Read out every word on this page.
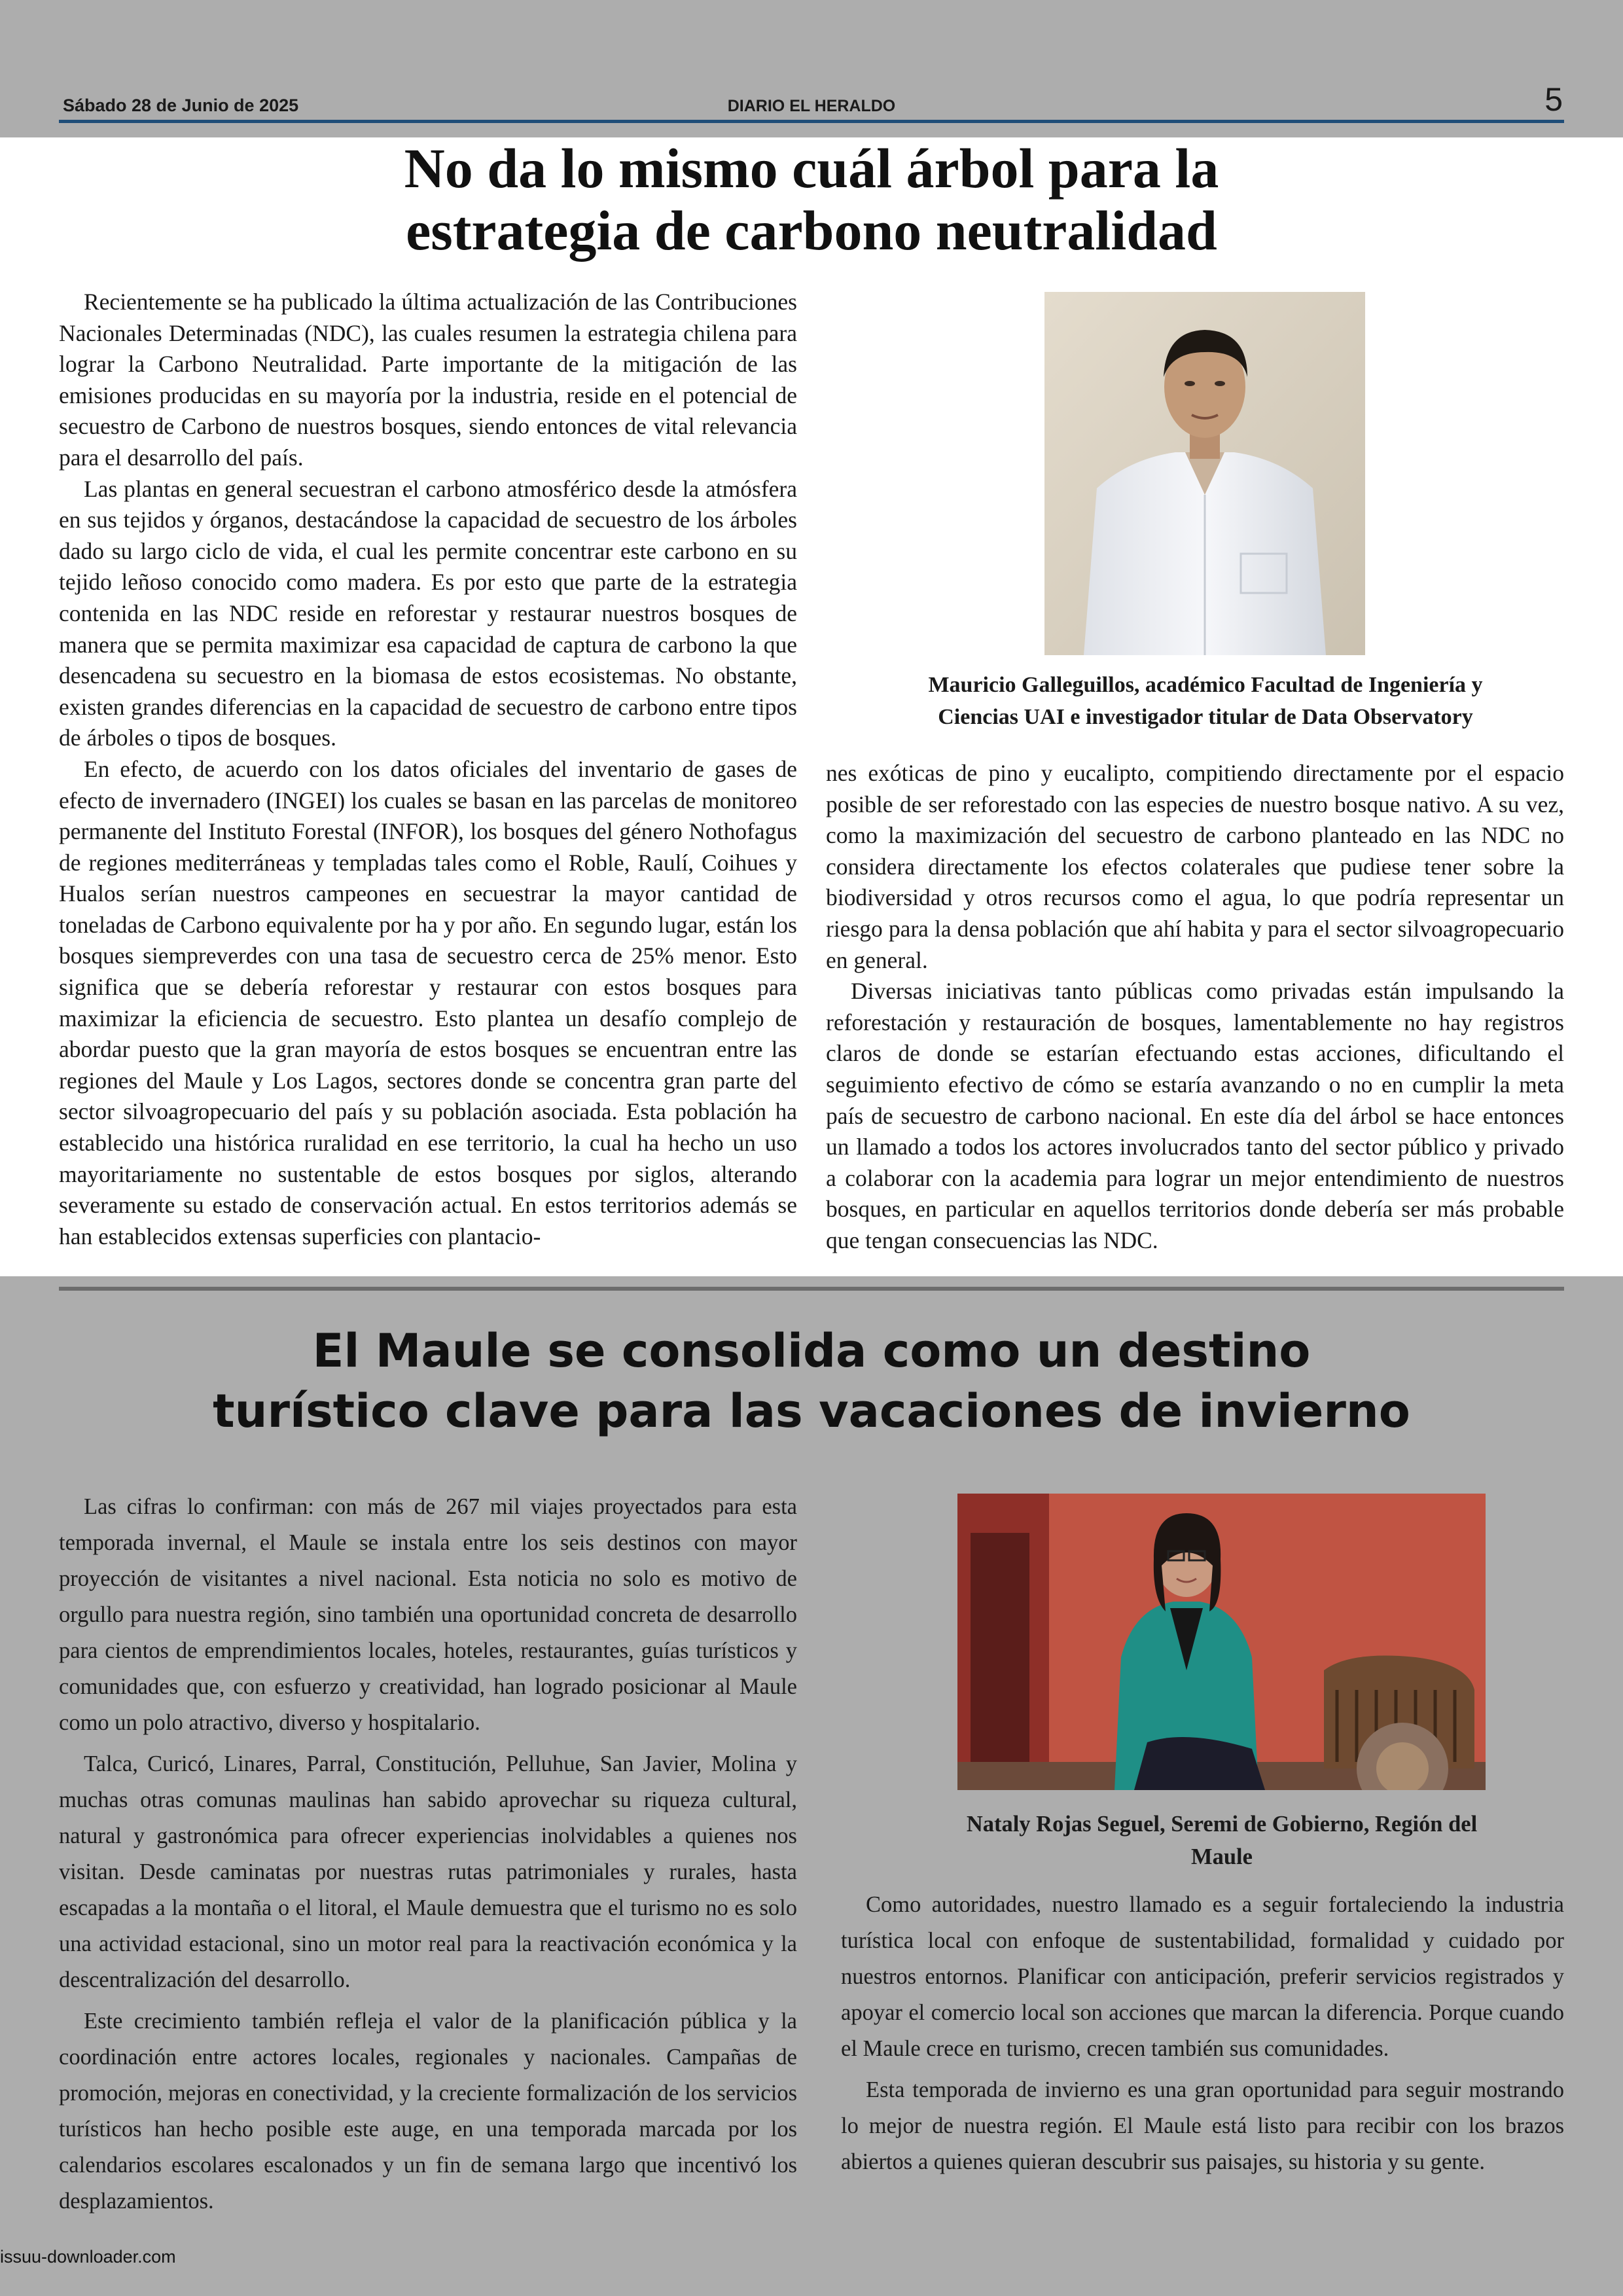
Sábado 28 de Junio de 2025	DIARIO EL HERALDO	5
No da lo mismo cuál árbol para la
estrategia de carbono neutralidad

Recientemente se ha publicado la última actualización de las Contribuciones Nacionales Determinadas (NDC), las cuales resumen la estrategia chilena para lograr la Carbono Neutralidad. Parte importante de la mitigación de las emisiones producidas en su mayoría por la industria, reside en el potencial de secuestro de Carbono de nuestros bosques, siendo entonces de vital relevancia para el desarrollo del país.

Las plantas en general secuestran el carbono atmosférico desde la atmósfera en sus tejidos y órganos, destacándose la capacidad de secuestro de los árboles dado su largo ciclo de vida, el cual les permite concentrar este carbono en su tejido leñoso conocido como madera. Es por esto que parte de la estrategia contenida en las NDC reside en reforestar y restaurar nuestros bosques de manera que se permita maximizar esa capacidad de captura de carbono la que desencadena su secuestro en la biomasa de estos ecosistemas. No obstante, existen grandes diferencias en la capacidad de secuestro de carbono entre tipos de árboles o tipos de bosques.

En efecto, de acuerdo con los datos oficiales del inventario de gases de efecto de invernadero (INGEI) los cuales se basan en las parcelas de monitoreo permanente del Instituto Forestal (INFOR), los bosques del género Nothofagus de regiones mediterráneas y templadas tales como el Roble, Raulí, Coihues y Hualos serían nuestros campeones en secuestrar la mayor cantidad de toneladas de Carbono equivalente por ha y por año. En segundo lugar, están los bosques siempreverdes con una tasa de secuestro cerca de 25% menor. Esto significa que se debería reforestar y restaurar con estos bosques para maximizar la eficiencia de secuestro. Esto plantea un desafío complejo de abordar puesto que la gran mayoría de estos bosques se encuentran entre las regiones del Maule y Los Lagos, sectores donde se concentra gran parte del sector silvoagropecuario del país y su población asociada. Esta población ha establecido una histórica ruralidad en ese territorio, la cual ha hecho un uso mayoritariamente no sustentable de estos bosques por siglos, alterando severamente su estado de conservación actual. En estos territorios además se han establecidos extensas superficies con plantacio-

Mauricio Galleguillos, académico Facultad de Ingeniería y
Ciencias UAI e investigador titular de Data Observatory

nes exóticas de pino y eucalipto, compitiendo directamente por el espacio posible de ser reforestado con las especies de nuestro bosque nativo. A su vez, como la maximización del secuestro de carbono planteado en las NDC no considera directamente los efectos colaterales que pudiese tener sobre la biodiversidad y otros recursos como el agua, lo que podría representar un riesgo para la densa población que ahí habita y para el sector silvoagropecuario en general.

Diversas iniciativas tanto públicas como privadas están impulsando la reforestación y restauración de bosques, lamentablemente no hay registros claros de donde se estarían efectuando estas acciones, dificultando el seguimiento efectivo de cómo se estaría avanzando o no en cumplir la meta país de secuestro de carbono nacional. En este día del árbol se hace entonces un llamado a todos los actores involucrados tanto del sector público y privado a colaborar con la academia para lograr un mejor entendimiento de nuestros bosques, en particular en aquellos territorios donde debería ser más probable que tengan consecuencias las NDC.

El Maule se consolida como un destino
turístico clave para las vacaciones de invierno

Las cifras lo confirman: con más de 267 mil viajes proyectados para esta temporada invernal, el Maule se instala entre los seis destinos con mayor proyección de visitantes a nivel nacional. Esta noticia no solo es motivo de orgullo para nuestra región, sino también una oportunidad concreta de desarrollo para cientos de emprendimientos locales, hoteles, restaurantes, guías turísticos y comunidades que, con esfuerzo y creatividad, han logrado posicionar al Maule como un polo atractivo, diverso y hospitalario.

Talca, Curicó, Linares, Parral, Constitución, Pelluhue, San Javier, Molina y muchas otras comunas maulinas han sabido aprovechar su riqueza cultural, natural y gastronómica para ofrecer experiencias inolvidables a quienes nos visitan. Desde caminatas por nuestras rutas patrimoniales y rurales, hasta escapadas a la montaña o el litoral, el Maule demuestra que el turismo no es solo una actividad estacional, sino un motor real para la reactivación económica y la descentralización del desarrollo.

Este crecimiento también refleja el valor de la planificación pública y la coordinación entre actores locales, regionales y nacionales. Campañas de promoción, mejoras en conectividad, y la creciente formalización de los servicios turísticos han hecho posible este auge, en una temporada marcada por los calendarios escolares escalonados y un fin de semana largo que incentivó los desplazamientos.

Nataly Rojas Seguel, Seremi de Gobierno, Región del
Maule

Como autoridades, nuestro llamado es a seguir fortaleciendo la industria turística local con enfoque de sustentabilidad, formalidad y cuidado por nuestros entornos. Planificar con anticipación, preferir servicios registrados y apoyar el comercio local son acciones que marcan la diferencia. Porque cuando el Maule crece en turismo, crecen también sus comunidades.

Esta temporada de invierno es una gran oportunidad para seguir mostrando lo mejor de nuestra región. El Maule está listo para recibir con los brazos abiertos a quienes quieran descubrir sus paisajes, su historia y su gente.

issuu-downloader.com
